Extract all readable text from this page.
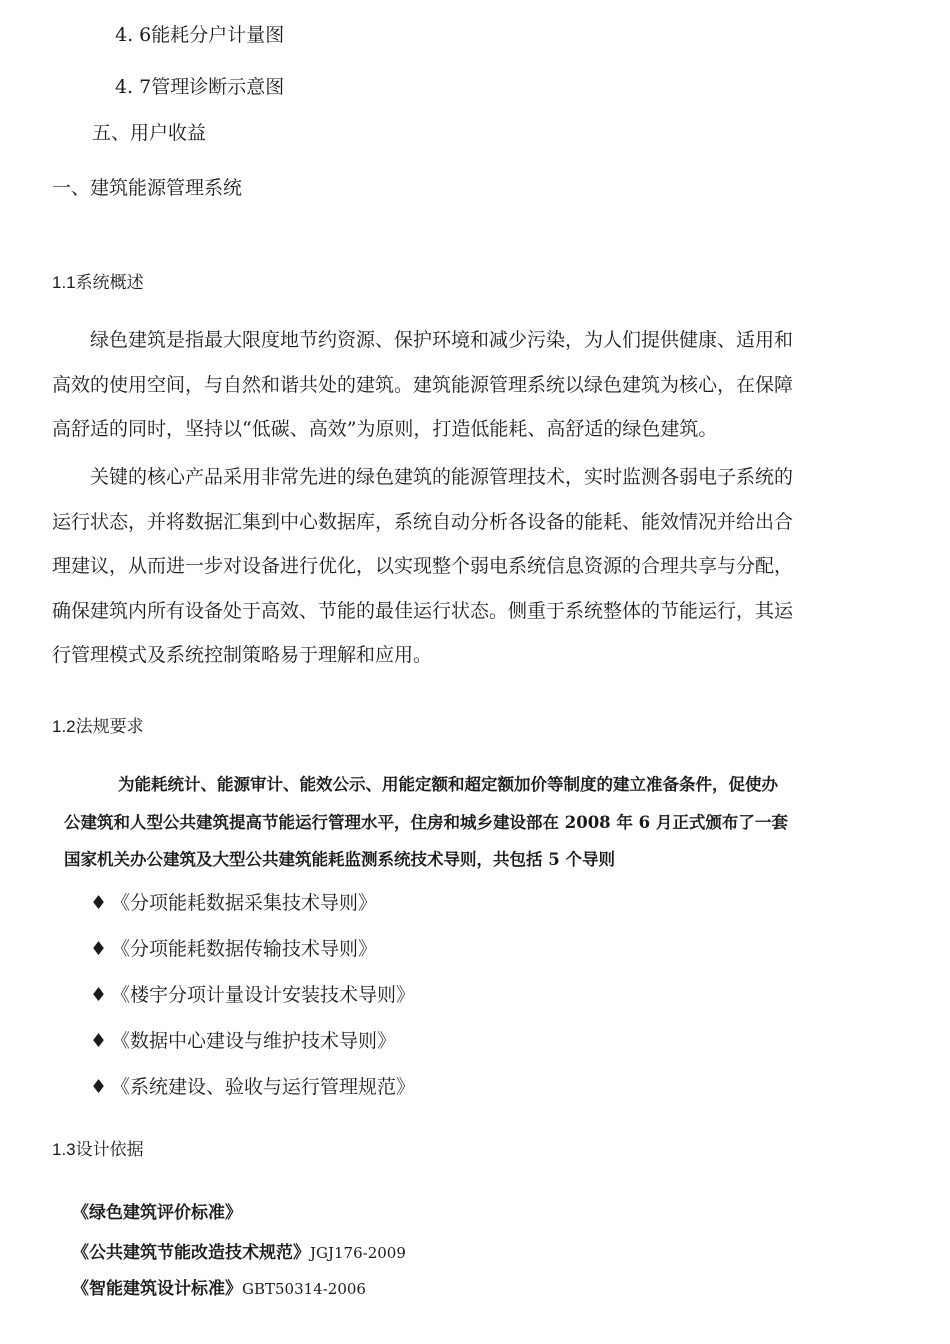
4. 6能耗分户计量图
4. 7管理诊断示意图
五、用户收益
一、建筑能源管理系统
1.1系统概述
绿色建筑是指最大限度地节约资源、保护环境和减少污染，为人们提供健康、适用和
高效的使用空间，与自然和谐共处的建筑。建筑能源管理系统以绿色建筑为核心，在保障
高舒适的同时，坚持以“低碳、高效”为原则，打造低能耗、高舒适的绿色建筑。
关键的核心产品采用非常先进的绿色建筑的能源管理技术，实时监测各弱电子系统的
运行状态，并将数据汇集到中心数据库，系统自动分析各设备的能耗、能效情况并给出合
理建议，从而进一步对设备进行优化，以实现整个弱电系统信息资源的合理共享与分配，
确保建筑内所有设备处于高效、节能的最佳运行状态。侧重于系统整体的节能运行，其运
行管理模式及系统控制策略易于理解和应用。
1.2法规要求
为能耗统计、能源审计、能效公示、用能定额和超定额加价等制度的建立准备条件，促使办
公建筑和人型公共建筑提高节能运行管理水平，住房和城乡建设部在 2008 年 6 月正式颁布了一套
国家机关办公建筑及大型公共建筑能耗监测系统技术导则，共包括 5 个导则
♦ 《分项能耗数据采集技术导则》
♦ 《分项能耗数据传输技术导则》
♦ 《楼宇分项计量设计安装技术导则》
♦ 《数据中心建设与维护技术导则》
♦ 《系统建设、验收与运行管理规范》
1.3设计依据
《绿色建筑评价标准》
《公共建筑节能改造技术规范》JGJ176-2009
《智能建筑设计标准》GBT50314-2006
